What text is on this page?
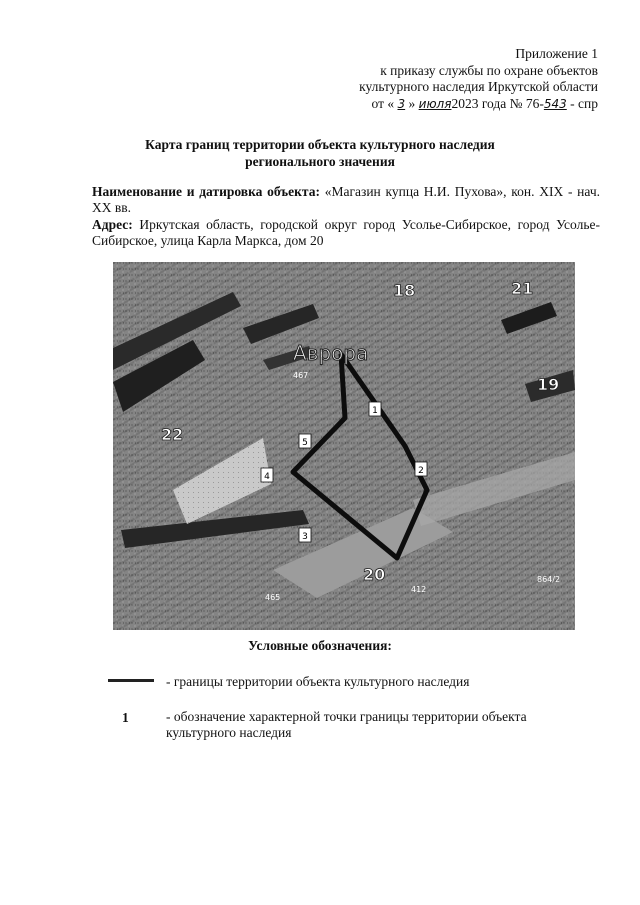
Приложение 1
к приказу службы по охране объектов
культурного наследия Иркутской области
от « 3 » июля2023 года № 76-543 - спр
Карта границ территории объекта культурного наследия
регионального значения

Наименование и датировка объекта: «Магазин купца Н.И. Пухова», кон. XIX - нач. XX вв.

Адрес: Иркутская область, городской округ город Усолье-Сибирское, город Усолье-Сибирское, улица Карла Маркса, дом 20

1
2
3
4
5
Аврора
18	21
19
22
20
467
465
412
864/2
Условные обозначения:
- границы территории объекта культурного наследия
1	- обозначение характерной точки границы территории объекта культурного наследия
